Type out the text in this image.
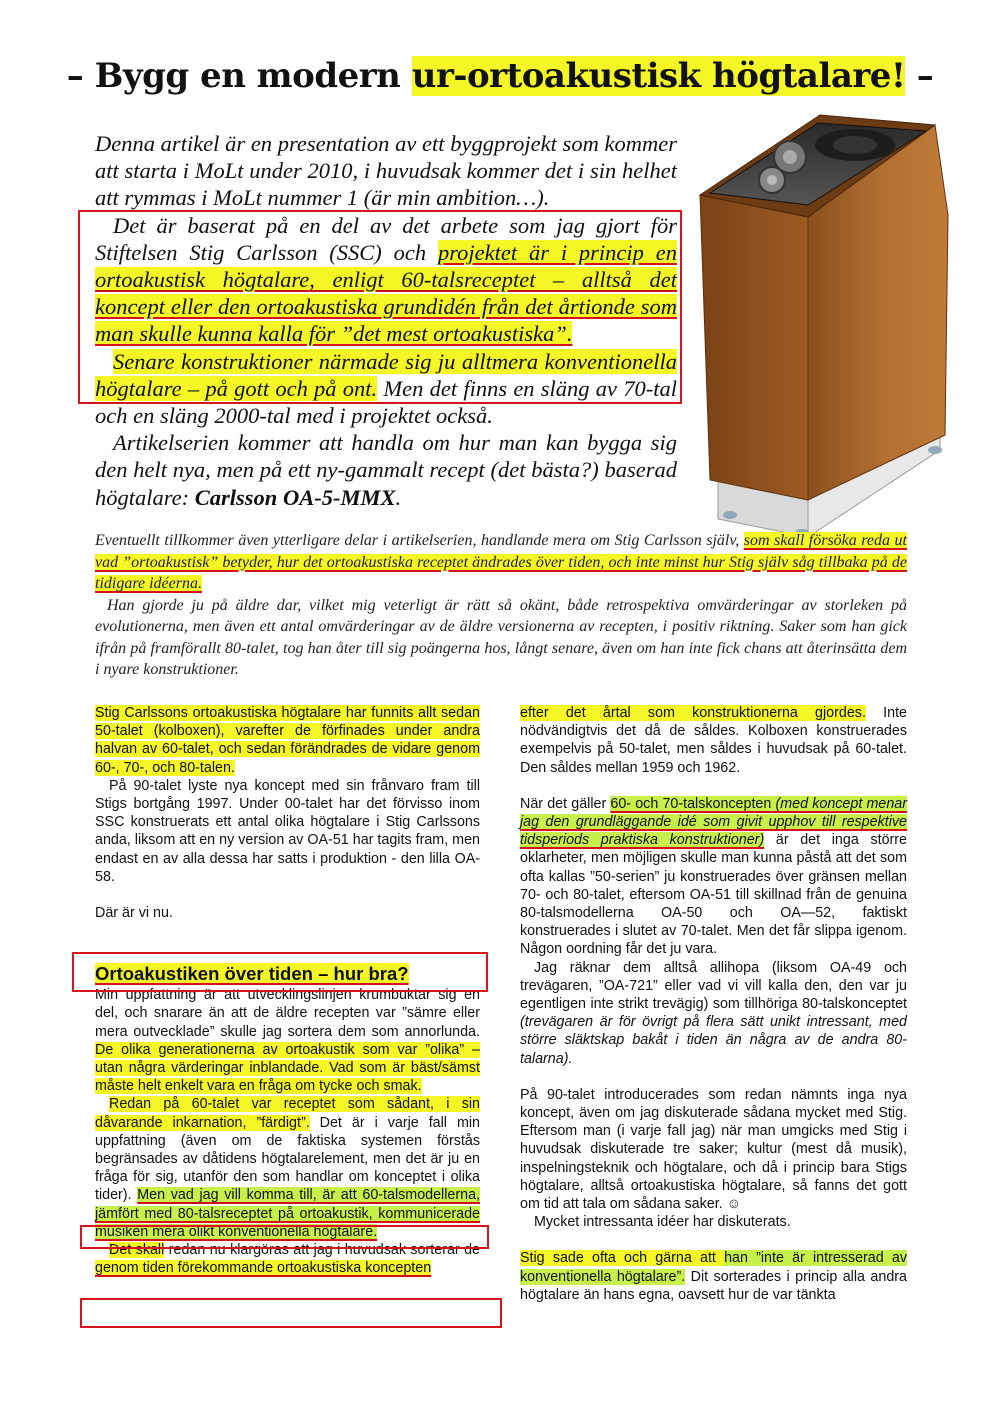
– Bygg en modern ur-ortoakustisk högtalare! –

Denna artikel är en presentation av ett byggprojekt som kommer att starta i MoLt under 2010, i huvudsak kommer det i sin helhet att rymmas i MoLt nummer 1 (är min ambition…).

Det är baserat på en del av det arbete som jag gjort för Stiftelsen Stig Carlsson (SSC) och projektet är i princip en ortoakustisk högtalare, enligt 60-talsreceptet – alltså det koncept eller den ortoakustiska grundidén från det årtionde som man skulle kunna kalla för ”det mest ortoakustiska”.

Senare konstruktioner närmade sig ju alltmera konventionella högtalare – på gott och på ont. Men det finns en släng av 70-tal och en släng 2000-tal med i projektet också.

Artikelserien kommer att handla om hur man kan bygga sig den helt nya, men på ett ny-gammalt recept (det bästa?) baserad högtalare: Carlsson OA-5-MMX.

Eventuellt tillkommer även ytterligare delar i artikelserien, handlande mera om Stig Carlsson själv, som skall försöka reda ut vad ”ortoakustisk” betyder, hur det ortoakustiska receptet ändrades över tiden, och inte minst hur Stig själv såg tillbaka på de tidigare idéerna.

Han gjorde ju på äldre dar, vilket mig veterligt är rätt så okänt, både retrospektiva omvärderingar av storleken på evolutionerna, men även ett antal omvärderingar av de äldre versionerna av recepten, i positiv riktning. Saker som han gick ifrån på framförallt 80-talet, tog han åter till sig poängerna hos, långt senare, även om han inte fick chans att återinsätta dem i nyare konstruktioner.

Stig Carlssons ortoakustiska högtalare har funnits allt sedan 50-talet (kolboxen), varefter de förfinades under andra halvan av 60-talet, och sedan förändrades de vidare genom 60-, 70-, och 80-talen.

På 90-talet lyste nya koncept med sin frånvaro fram till Stigs bortgång 1997. Under 00-talet har det förvisso inom SSC konstruerats ett antal olika högtalare i Stig Carlssons anda, liksom att en ny version av OA-51 har tagits fram, men endast en av alla dessa har satts i produktion - den lilla OA-58.

Där är vi nu.

Ortoakustiken över tiden – hur bra?

Min uppfattning är att utvecklingslinjen krumbuktar sig en del, och snarare än att de äldre recepten var ”sämre eller mera outvecklade” skulle jag sortera dem som annorlunda. De olika generationerna av ortoakustik som var ”olika” – utan några värderingar inblandade. Vad som är bäst/sämst måste helt enkelt vara en fråga om tycke och smak.

Redan på 60-talet var receptet som sådant, i sin dåvarande inkarnation, ”färdigt”. Det är i varje fall min uppfattning (även om de faktiska systemen förstås begränsades av dåtidens högtalarelement, men det är ju en fråga för sig, utanför den som handlar om konceptet i olika tider). Men vad jag vill komma till, är att 60-talsmodellerna, jämfört med 80-talsreceptet på ortoakustik, kommunicerade musiken mera olikt konventionella högtalare.

Det skall redan nu klargöras att jag i huvudsak sorterar de genom tiden förekommande ortoakustiska koncepten

efter det årtal som konstruktionerna gjordes. Inte nödvändigtvis det då de såldes. Kolboxen konstruerades exempelvis på 50-talet, men såldes i huvudsak på 60-talet. Den såldes mellan 1959 och 1962.

När det gäller 60- och 70-talskoncepten (med koncept menar jag den grundläggande idé som givit upphov till respektive tidsperiods praktiska konstruktioner) är det inga större oklarheter, men möjligen skulle man kunna påstå att det som ofta kallas ”50-serien” ju konstruerades över gränsen mellan 70- och 80-talet, eftersom OA-51 till skillnad från de genuina 80-talsmodellerna OA-50 och OA—52, faktiskt konstruerades i slutet av 70-talet. Men det får slippa igenom. Någon oordning får det ju vara.

Jag räknar dem alltså allihopa (liksom OA-49 och trevägaren, ”OA-721” eller vad vi vill kalla den, den var ju egentligen inte strikt trevägig) som tillhöriga 80-talskonceptet (trevägaren är för övrigt på flera sätt unikt intressant, med större släktskap bakåt i tiden än några av de andra 80-talarna).

På 90-talet introducerades som redan nämnts inga nya koncept, även om jag diskuterade sådana mycket med Stig. Eftersom man (i varje fall jag) när man umgicks med Stig i huvudsak diskuterade tre saker; kultur (mest då musik), inspelningsteknik och högtalare, och då i princip bara Stigs högtalare, alltså ortoakustiska högtalare, så fanns det gott om tid att tala om sådana saker. ☺

Mycket intressanta idéer har diskuterats.

Stig sade ofta och gärna att han ”inte är intresserad av konventionella högtalare”. Dit sorterades i princip alla andra högtalare än hans egna, oavsett hur de var tänkta
